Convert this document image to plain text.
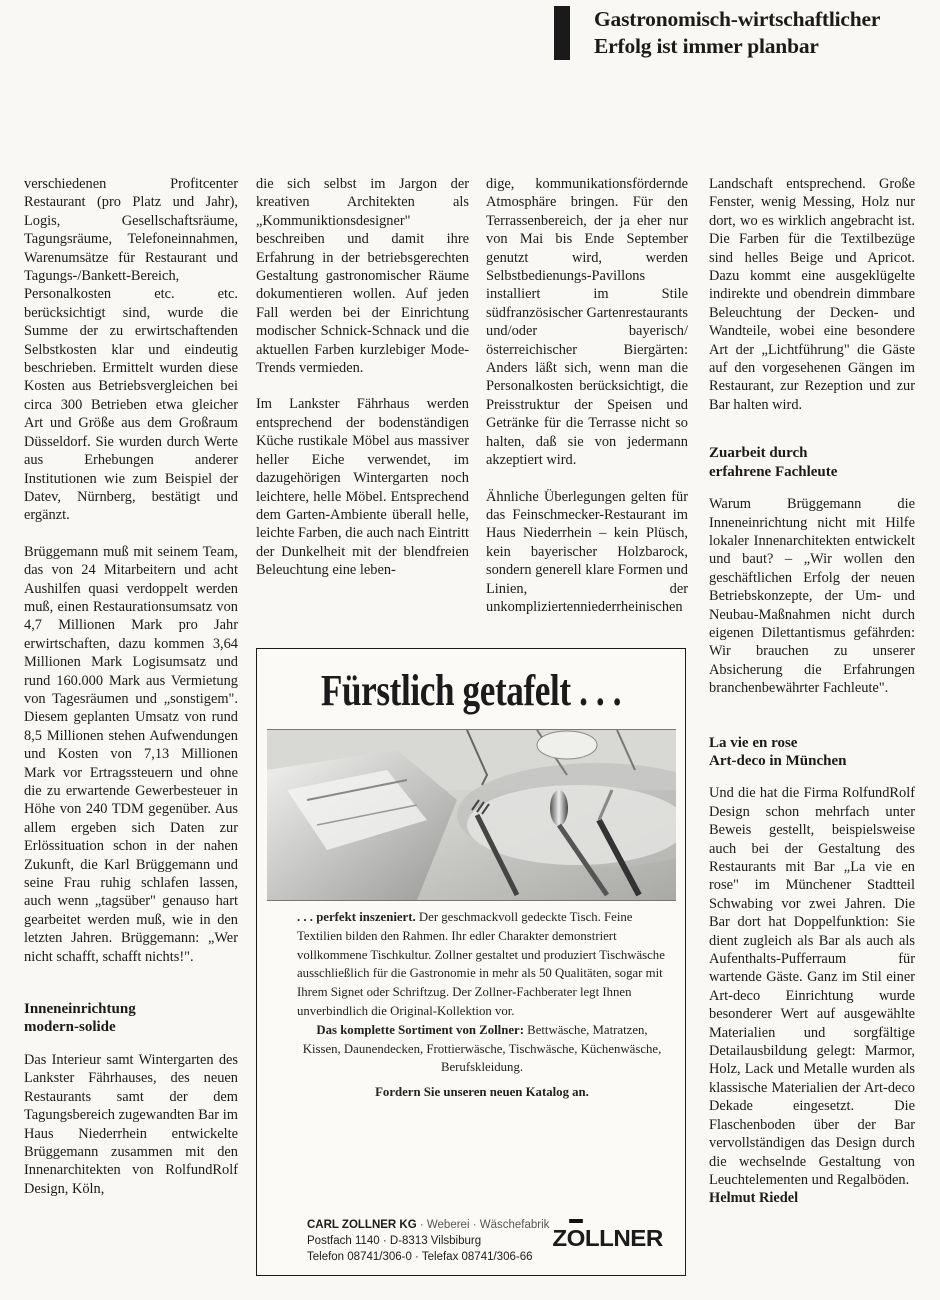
Gastronomisch-wirtschaftlicher
Erfolg ist immer planbar

verschiedenen Profitcenter Restaurant (pro Platz und Jahr), Logis, Gesellschaftsräume, Tagungsräume, Telefoneinnahmen, Warenumsätze für Restaurant und Tagungs-/Bankett-Bereich, Personalkosten etc. etc. berücksichtigt sind, wurde die Summe der zu erwirtschaftenden Selbstkosten klar und eindeutig beschrieben. Ermittelt wurden diese Kosten aus Betriebsvergleichen bei circa 300 Betrieben etwa gleicher Art und Größe aus dem Großraum Düsseldorf. Sie wurden durch Werte aus Erhebungen anderer Institutionen wie zum Beispiel der Datev, Nürnberg, bestätigt und ergänzt.

Brüggemann muß mit seinem Team, das von 24 Mitarbeitern und acht Aushilfen quasi verdoppelt werden muß, einen Restaurationsumsatz von 4,7 Millionen Mark pro Jahr erwirtschaften, dazu kommen 3,64 Millionen Mark Logisumsatz und rund 160.000 Mark aus Vermietung von Tagesräumen und „sonstigem". Diesem geplanten Umsatz von rund 8,5 Millionen stehen Aufwendungen und Kosten von 7,13 Millionen Mark vor Ertragssteuern und ohne die zu erwartende Gewerbesteuer in Höhe von 240 TDM gegenüber. Aus allem ergeben sich Daten zur Erlössituation schon in der nahen Zukunft, die Karl Brüggemann und seine Frau ruhig schlafen lassen, auch wenn „tagsüber" genauso hart gearbeitet werden muß, wie in den letzten Jahren. Brüggemann: „Wer nicht schafft, schafft nichts!".

Inneneinrichtung
modern-solide

Das Interieur samt Wintergarten des Lankster Fährhauses, des neuen Restaurants samt der dem Tagungsbereich zugewandten Bar im Haus Niederrhein entwickelte Brüggemann zusammen mit den Innenarchitekten von RolfundRolf Design, Köln,

die sich selbst im Jargon der kreativen Architekten als „Kommuniktionsdesigner" beschreiben und damit ihre Erfahrung in der betriebsgerechten Gestaltung gastronomischer Räume dokumentieren wollen. Auf jeden Fall werden bei der Einrichtung modischer Schnick-Schnack und die aktuellen Farben kurzlebiger Mode-Trends vermieden.

Im Lankster Fährhaus werden entsprechend der bodenständigen Küche rustikale Möbel aus massiver heller Eiche verwendet, im dazugehörigen Wintergarten noch leichtere, helle Möbel. Entsprechend dem Garten-Ambiente überall helle, leichte Farben, die auch nach Eintritt der Dunkelheit mit der blendfreien Beleuchtung eine leben-

dige, kommunikationsfördernde Atmosphäre bringen. Für den Terrassenbereich, der ja eher nur von Mai bis Ende September genutzt wird, werden Selbstbedienungs-Pavillons installiert im Stile südfranzösischer Gartenrestaurants und/oder bayerisch/österreichischer Biergärten: Anders läßt sich, wenn man die Personalkosten berücksichtigt, die Preisstruktur der Speisen und Getränke für die Terrasse nicht so halten, daß sie von jedermann akzeptiert wird.

Ähnliche Überlegungen gelten für das Feinschmecker-Restaurant im Haus Niederrhein – kein Plüsch, kein bayerischer Holzbarock, sondern generell klare Formen und Linien, der unkompliziertenniederrheinischen

Landschaft entsprechend. Große Fenster, wenig Messing, Holz nur dort, wo es wirklich angebracht ist. Die Farben für die Textilbezüge sind helles Beige und Apricot. Dazu kommt eine ausgeklügelte indirekte und obendrein dimmbare Beleuchtung der Decken- und Wandteile, wobei eine besondere Art der „Lichtführung" die Gäste auf den vorgesehenen Gängen im Restaurant, zur Rezeption und zur Bar halten wird.

Zuarbeit durch
erfahrene Fachleute

Warum Brüggemann die Inneneinrichtung nicht mit Hilfe lokaler Innenarchitekten entwickelt und baut? – „Wir wollen den geschäftlichen Erfolg der neuen Betriebskonzepte, der Um- und Neubau-Maßnahmen nicht durch eigenen Dilettantismus gefährden: Wir brauchen zu unserer Absicherung die Erfahrungen branchenbewährter Fachleute".

La vie en rose
Art-deco in München

Und die hat die Firma RolfundRolf Design schon mehrfach unter Beweis gestellt, beispielsweise auch bei der Gestaltung des Restaurants mit Bar „La vie en rose" im Münchener Stadtteil Schwabing vor zwei Jahren. Die Bar dort hat Doppelfunktion: Sie dient zugleich als Bar als auch als Aufenthalts-Pufferraum für wartende Gäste. Ganz im Stil einer Art-deco Einrichtung wurde besonderer Wert auf ausgewählte Materialien und sorgfältige Detailausbildung gelegt: Marmor, Holz, Lack und Metalle wurden als klassische Materialien der Art-deco Dekade eingesetzt. Die Flaschenboden über der Bar vervollständigen das Design durch die wechselnde Gestaltung von Leuchtelementen und Regalböden.

Helmut Riedel
Fürstlich getafelt . . .
. . . perfekt inszeniert. Der geschmackvoll gedeckte Tisch. Feine Textilien bilden den Rahmen. Ihr edler Charakter demonstriert vollkommene Tischkultur. Zollner gestaltet und produziert Tischwäsche ausschließlich für die Gastronomie in mehr als 50 Qualitäten, sogar mit Ihrem Signet oder Schriftzug. Der Zollner-Fachberater legt Ihnen unverbindlich die Original-Kollektion vor.
Das komplette Sortiment von Zollner: Bettwäsche, Matratzen, Kissen, Daunendecken, Frottierwäsche, Tischwäsche, Küchenwäsche, Berufskleidung.
Fordern Sie unseren neuen Katalog an.
CARL ZOLLNER KG · Weberei · Wäschefabrik
Postfach 1140 · D-8313 Vilsbiburg
Telefon 08741/306-0 · Telefax 08741/306-66
ZOLLNER
